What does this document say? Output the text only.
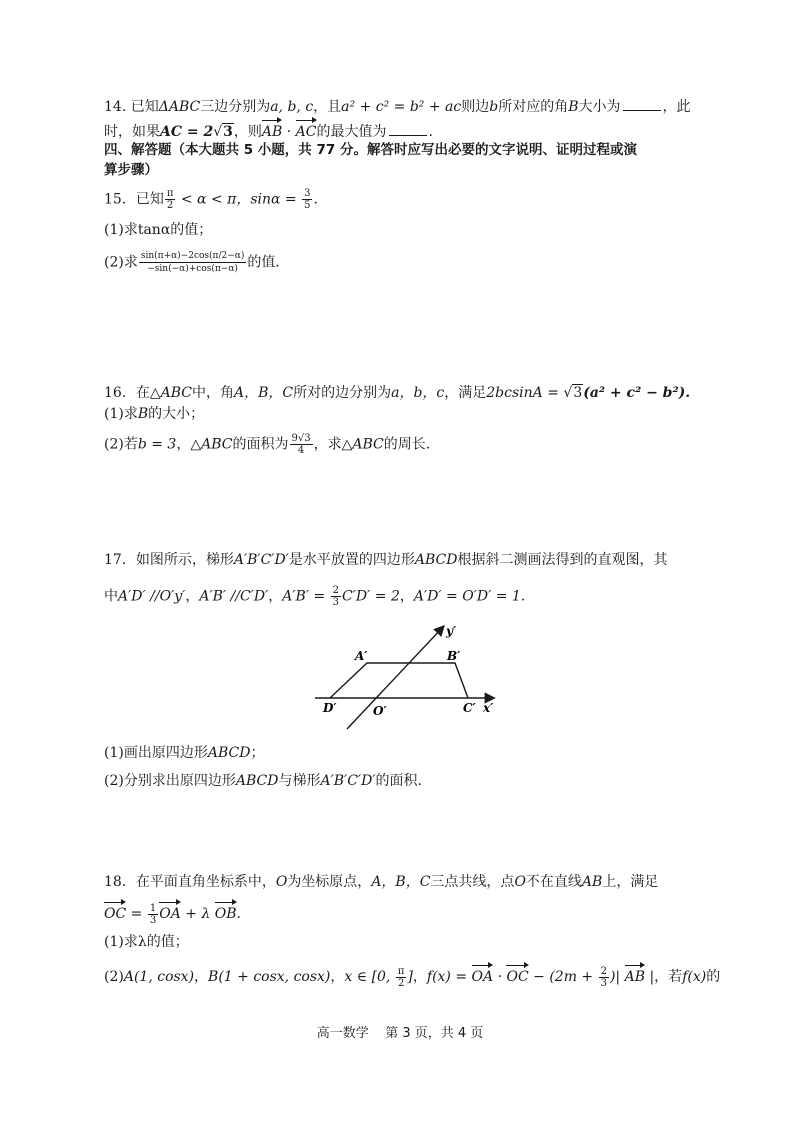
14. 已知ΔABC三边分别为a, b, c，且a² + c² = b² + ac则边b所对应的角B大小为	，此
时，如果AC = 2√3，则AB · AC的最大值为	.
四、解答题（本大题共 5 小题，共 77 分。解答时应写出必要的文字说明、证明过程或演
算步骤）
15．已知 $\frac{\pi}{2} < \alpha < \pi$，$\sin\alpha = \frac{3}{5}$ .
(1)求tanα的值；
(2)求 $\frac{\sin(\pi+\alpha)-2\cos(\pi/2-\alpha)}{-\sin(-\alpha)+\cos(\pi-\alpha)}$ 的值.
16．在△ABC中，角A，B，C所对的边分别为a，b，c，满足2bcsinA = √3(a² + c² − b²).
(1)求B的大小；
(2)若b = 3，△ABC的面积为 $\frac{9√3}{4}$ ，求△ABC的周长.
17．如图所示，梯形A′B′C′D′是水平放置的四边形ABCD根据斜二测画法得到的直观图，其
中A′D′ //O′y′，A′B′ //C′D′，$A'B' = \frac{2}{3} C'D' = 2$，A′D′ = O′D′ = 1.
A′	B′
C′
D′	O′	x′
y′
(1)画出原四边形ABCD；
(2)分别求出原四边形ABCD与梯形A′B′C′D′的面积.
18．在平面直角坐标系中，O为坐标原点，A，B，C三点共线，点O不在直线AB上，满足
OC = $\frac{1}{3}$ OA + λ OB.
(1)求λ的值；
(2)A(1, cosx)，B(1 + cosx, cosx)，x ∈ [0, $\frac{\pi}{2}$ ]，f(x) = OA · OC − ($2m + \frac{2}{3}$ )| AB |，若f(x)的
高一数学    第 3 页，共 4 页
